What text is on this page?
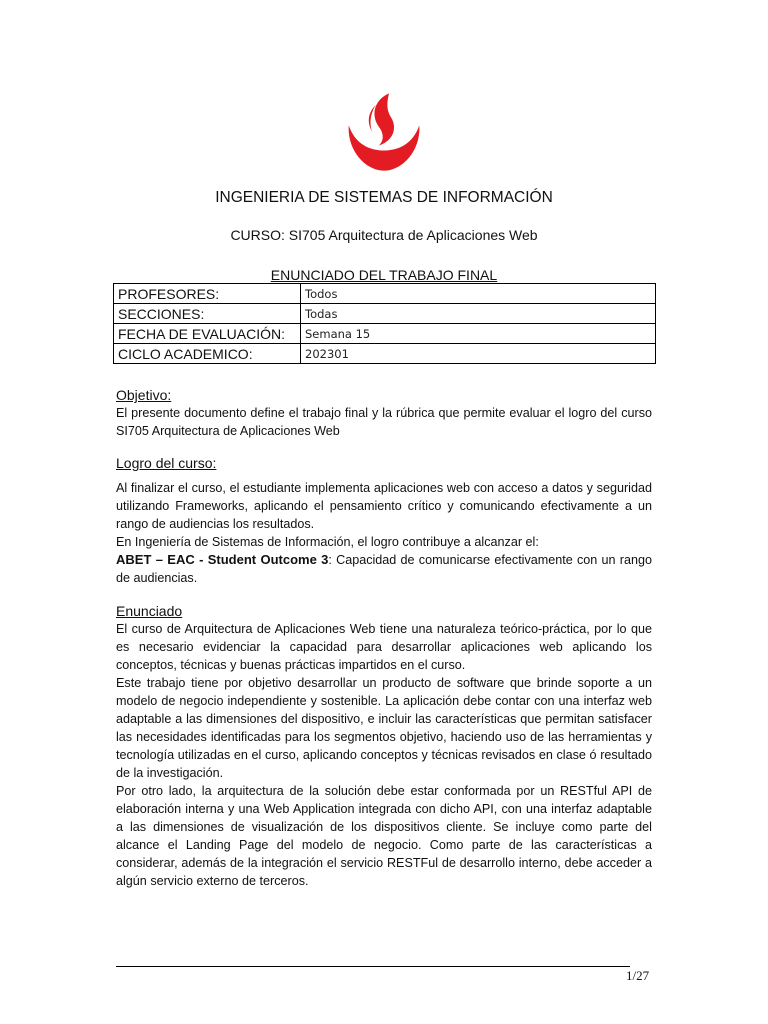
INGENIERIA DE SISTEMAS DE INFORMACIÓN
CURSO: SI705 Arquitectura de Aplicaciones Web
ENUNCIADO DEL TRABAJO FINAL
PROFESORES:	Todos
SECCIONES:	Todas
FECHA DE EVALUACIÓN:	Semana 15
CICLO ACADEMICO:	202301

Objetivo:

El presente documento define el trabajo final y la rúbrica que permite evaluar el logro del curso SI705 Arquitectura de Aplicaciones Web

Logro del curso:

Al finalizar el curso, el estudiante implementa aplicaciones web con acceso a datos y seguridad utilizando Frameworks, aplicando el pensamiento crítico y comunicando efectivamente a un rango de audiencias los resultados.

En Ingeniería de Sistemas de Información, el logro contribuye a alcanzar el:

ABET – EAC - Student Outcome 3: Capacidad de comunicarse efectivamente con un rango de audiencias.

Enunciado

El curso de Arquitectura de Aplicaciones Web tiene una naturaleza teórico-práctica, por lo que es necesario evidenciar la capacidad para desarrollar aplicaciones web aplicando los conceptos, técnicas y buenas prácticas impartidos en el curso.

Este trabajo tiene por objetivo desarrollar un producto de software que brinde soporte a un modelo de negocio independiente y sostenible. La aplicación debe contar con una interfaz web adaptable a las dimensiones del dispositivo, e incluir las características que permitan satisfacer las necesidades identificadas para los segmentos objetivo, haciendo uso de las herramientas y tecnología utilizadas en el curso, aplicando conceptos y técnicas revisados en clase ó resultado de la investigación.

Por otro lado, la arquitectura de la solución debe estar conformada por un RESTful API de elaboración interna y una Web Application integrada con dicho API, con una interfaz adaptable a las dimensiones de visualización de los dispositivos cliente. Se incluye como parte del alcance el Landing Page del modelo de negocio. Como parte de las características a considerar, además de la integración el servicio RESTFul de desarrollo interno, debe acceder a algún servicio externo de terceros.

1/27
